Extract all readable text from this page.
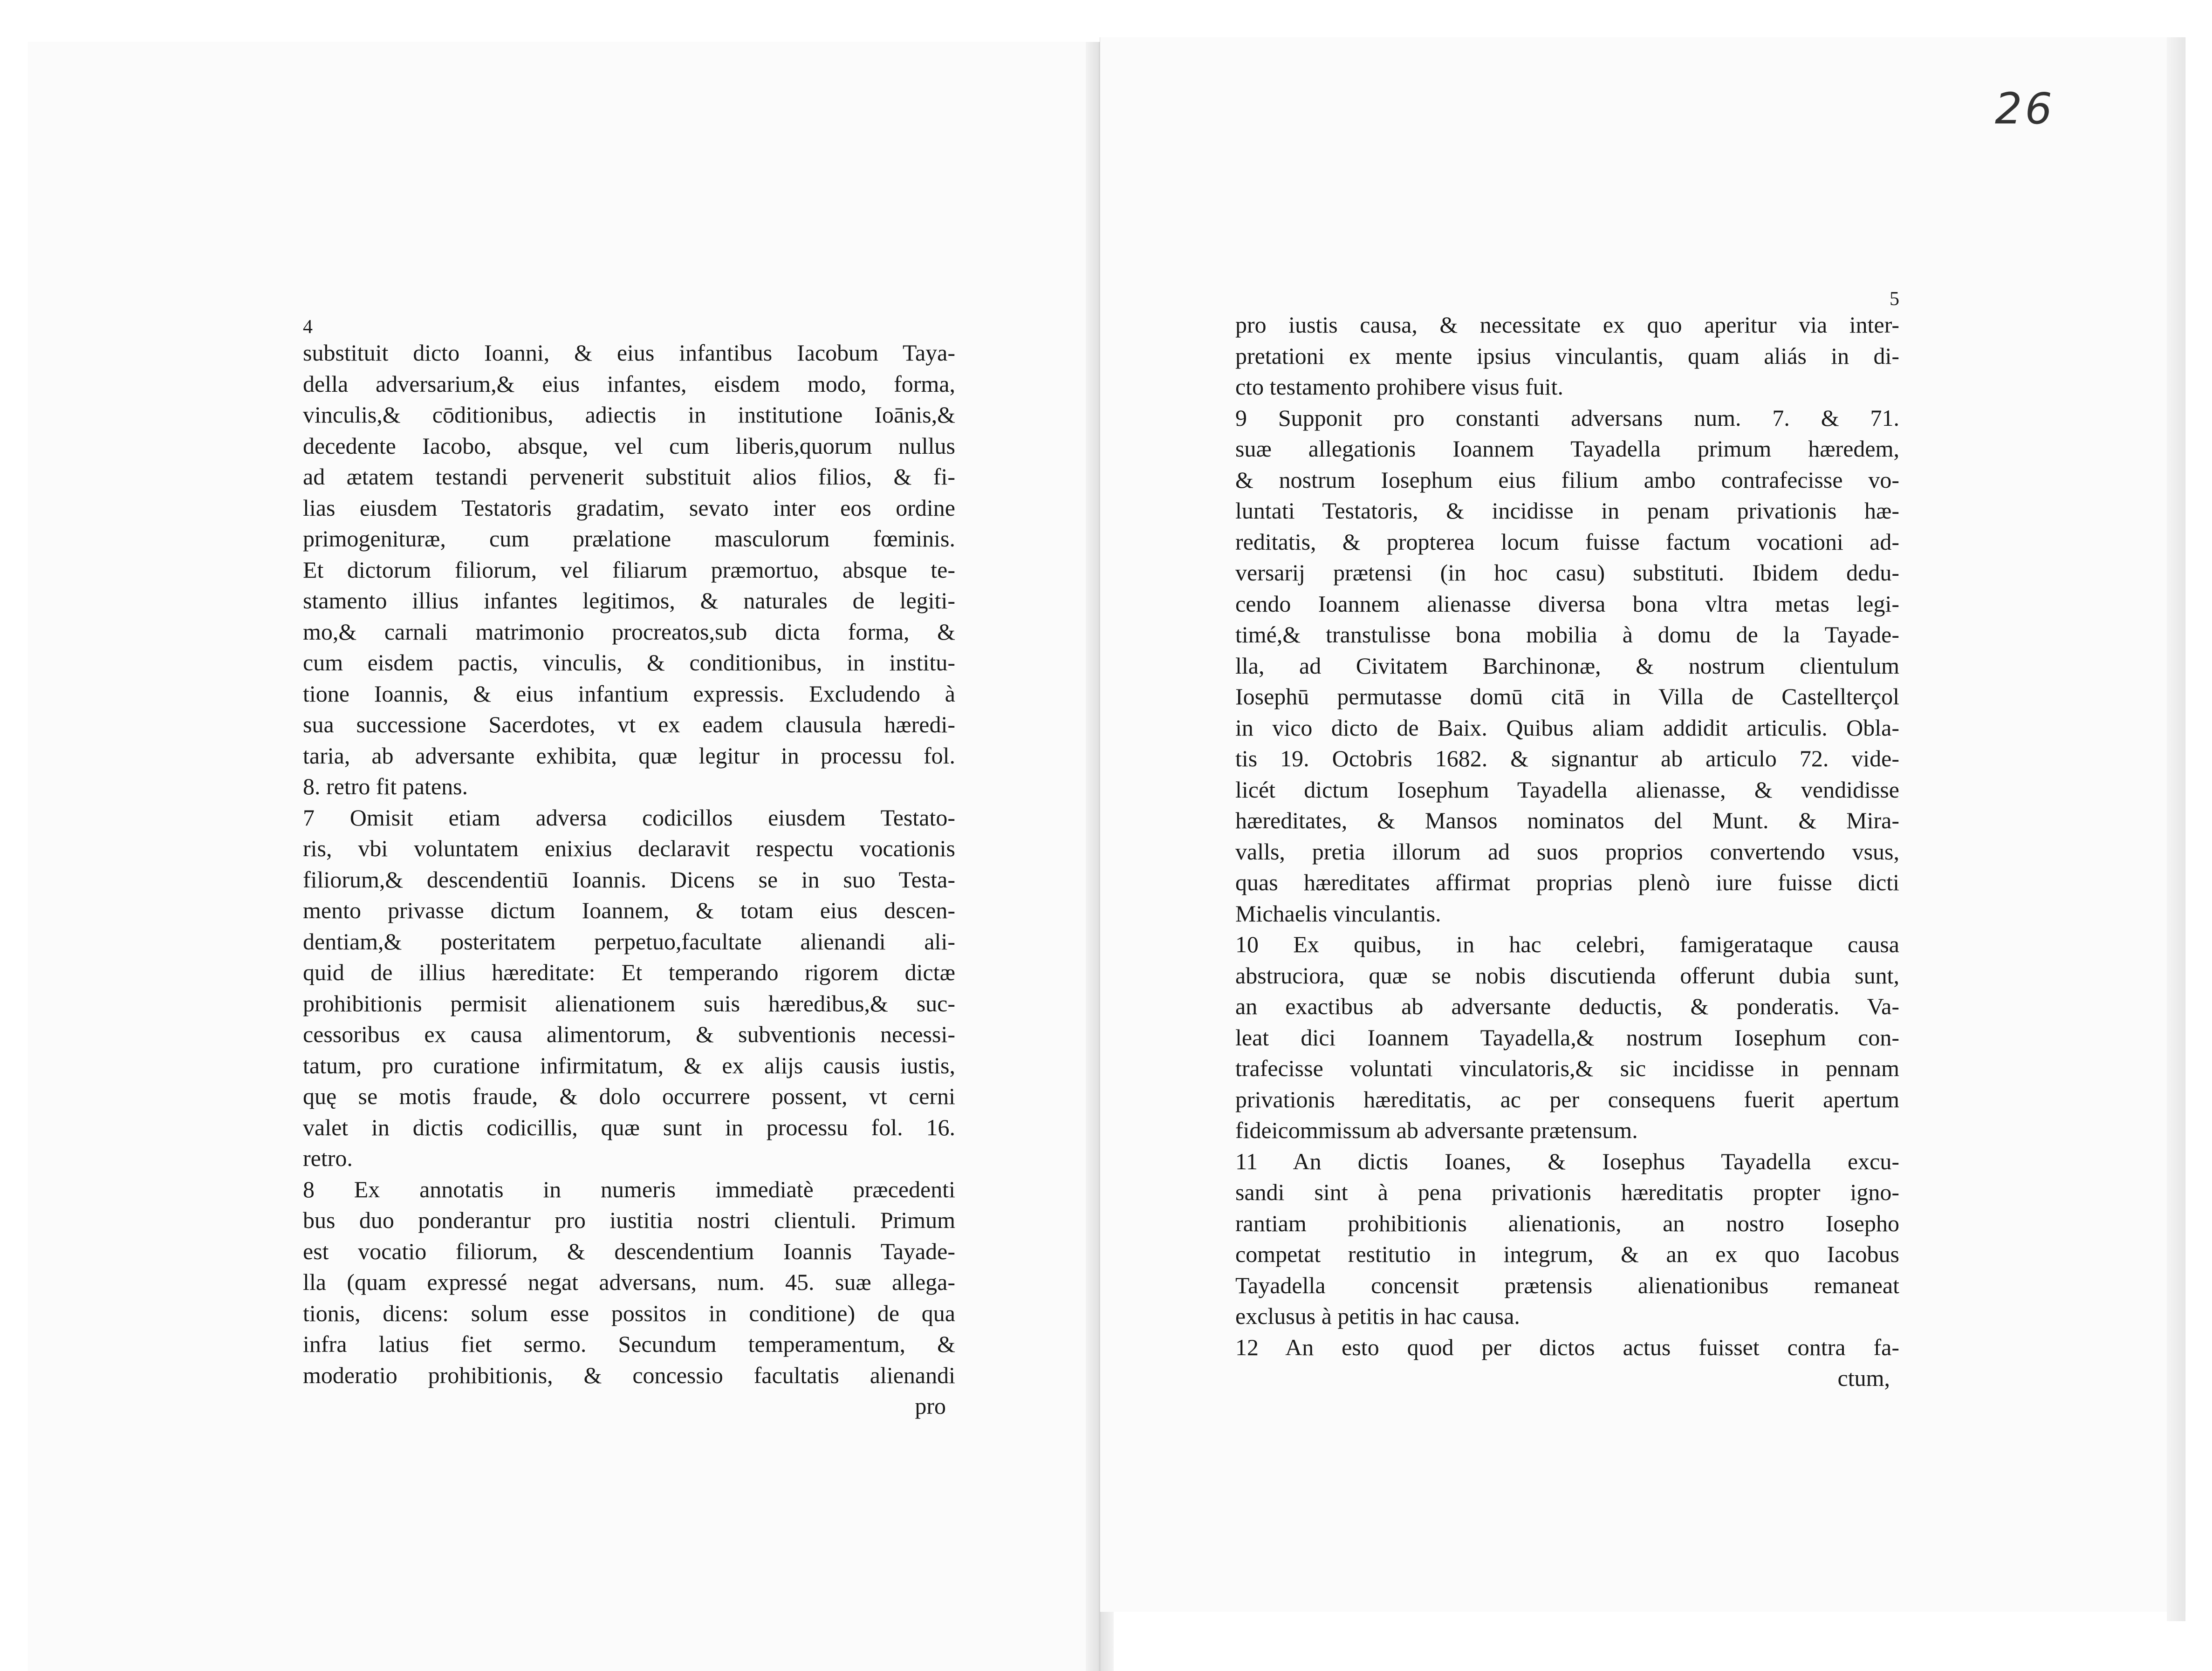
4
substituit dicto Ioanni, & eius infantibus Iacobum Taya-
della adversarium,& eius infantes, eisdem modo, forma,
vinculis,& cōditionibus, adiectis in institutione Ioānis,&
decedente Iacobo, absque, vel cum liberis,quorum nullus
ad ætatem testandi pervenerit substituit alios filios, & fi-
lias eiusdem Testatoris gradatim, sevato inter eos ordine
primogenituræ, cum prælatione masculorum fœminis.
Et dictorum filiorum, vel filiarum præmortuo, absque te-
stamento illius infantes legitimos, & naturales de legiti-
mo,& carnali matrimonio procreatos,sub dicta forma, &
cum eisdem pactis, vinculis, & conditionibus, in institu-
tione Ioannis, & eius infantium expressis. Excludendo à
sua successione Sacerdotes, vt ex eadem clausula hæredi-
taria, ab adversante exhibita, quæ legitur in processu fol.
8. retro fit patens.
7 Omisit etiam adversa codicillos eiusdem Testato-
ris, vbi voluntatem enixius declaravit respectu vocationis
filiorum,& descendentiū Ioannis. Dicens se in suo Testa-
mento privasse dictum Ioannem, & totam eius descen-
dentiam,& posteritatem perpetuo,facultate alienandi ali-
quid de illius hæreditate: Et temperando rigorem dictæ
prohibitionis permisit alienationem suis hæredibus,& suc-
cessoribus ex causa alimentorum, & subventionis necessi-
tatum, pro curatione infirmitatum, & ex alijs causis iustis,
quę se motis fraude, & dolo occurrere possent, vt cerni
valet in dictis codicillis, quæ sunt in processu fol. 16.
retro.
8 Ex annotatis in numeris immediatè præcedenti
bus duo ponderantur pro iustitia nostri clientuli. Primum
est vocatio filiorum, & descendentium Ioannis Tayade-
lla (quam expressé negat adversans, num. 45. suæ allega-
tionis, dicens: solum esse possitos in conditione) de qua
infra latius fiet sermo. Secundum temperamentum, &
moderatio prohibitionis, & concessio facultatis alienandi
pro
26
5
pro iustis causa, & necessitate ex quo aperitur via inter-
pretationi ex mente ipsius vinculantis, quam aliás in di-
cto testamento prohibere visus fuit.
9 Supponit pro constanti adversans num. 7. & 71.
suæ allegationis Ioannem Tayadella primum hæredem,
& nostrum Iosephum eius filium ambo contrafecisse vo-
luntati Testatoris, & incidisse in penam privationis hæ-
reditatis, & propterea locum fuisse factum vocationi ad-
versarij prætensi (in hoc casu) substituti. Ibidem dedu-
cendo Ioannem alienasse diversa bona vltra metas legi-
timé,& transtulisse bona mobilia à domu de la Tayade-
lla, ad Civitatem Barchinonæ, & nostrum clientulum
Iosephū permutasse domū citā in Villa de Castellterçol
in vico dicto de Baix. Quibus aliam addidit articulis. Obla-
tis 19. Octobris 1682. & signantur ab articulo 72. vide-
licét dictum Iosephum Tayadella alienasse, & vendidisse
hæreditates, & Mansos nominatos del Munt. & Mira-
valls, pretia illorum ad suos proprios convertendo vsus,
quas hæreditates affirmat proprias plenò iure fuisse dicti
Michaelis vinculantis.
10 Ex quibus, in hac celebri, famigerataque causa
abstruciora, quæ se nobis discutienda offerunt dubia sunt,
an exactibus ab adversante deductis, & ponderatis. Va-
leat dici Ioannem Tayadella,& nostrum Iosephum con-
trafecisse voluntati vinculatoris,& sic incidisse in pennam
privationis hæreditatis, ac per consequens fuerit apertum
fideicommissum ab adversante prætensum.
11 An dictis Ioanes, & Iosephus Tayadella excu-
sandi sint à pena privationis hæreditatis propter igno-
rantiam prohibitionis alienationis, an nostro Iosepho
competat restitutio in integrum, & an ex quo Iacobus
Tayadella concensit prætensis alienationibus remaneat
exclusus à petitis in hac causa.
12 An esto quod per dictos actus fuisset contra fa-
ctum,
